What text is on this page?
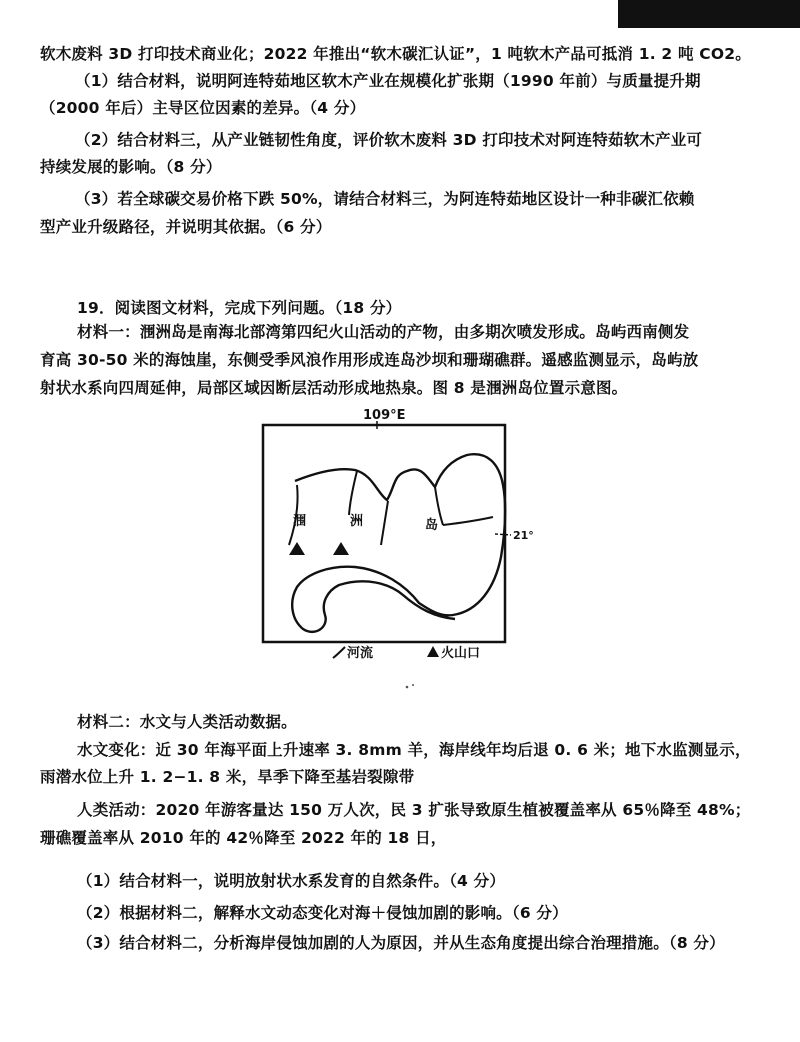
软木废料 3D 打印技术商业化；2022 年推出“软木碳汇认证”，1 吨软木产品可抵消 1. 2 吨 CO2。
（1）结合材料，说明阿连特茹地区软木产业在规模化扩张期（1990 年前）与质量提升期
（2000 年后）主导区位因素的差异。（4 分）
（2）结合材料三，从产业链韧性角度，评价软木废料 3D 打印技术对阿连特茹软木产业可
持续发展的影响。（8 分）
（3）若全球碳交易价格下跌 50%，请结合材料三，为阿连特茹地区设计一种非碳汇依赖
型产业升级路径，并说明其依据。（6 分）
19．阅读图文材料，完成下列问题。（18 分）
材料一：涠洲岛是南海北部湾第四纪火山活动的产物，由多期次喷发形成。岛屿西南侧发
育高 30-50 米的海蚀崖，东侧受季风浪作用形成连岛沙坝和珊瑚礁群。遥感监测显示，岛屿放
射状水系向四周延伸，局部区域因断层活动形成地热泉。图 8 是涠洲岛位置示意图。
109°E
21°
涠	洲	岛
河流	火山口
材料二：水文与人类活动数据。
水文变化：近 30 年海平面上升速率 3. 8mm 羊，海岸线年均后退 0. 6 米；地下水监测显示，
雨潜水位上升 1. 2−1. 8 米，旱季下降至基岩裂隙带
人类活动：2020 年游客量达 150 万人次，民 3 扩张导致原生植被覆盖率从 65％降至 48%；
珊礁覆盖率从 2010 年的 42％降至 2022 年的 18 日，
（1）结合材料一，说明放射状水系发育的自然条件。（4 分）
（2）根据材料二，解释水文动态变化对海＋侵蚀加剧的影响。（6 分）
（3）结合材料二，分析海岸侵蚀加剧的人为原因，并从生态角度提出综合治理措施。（8 分）
